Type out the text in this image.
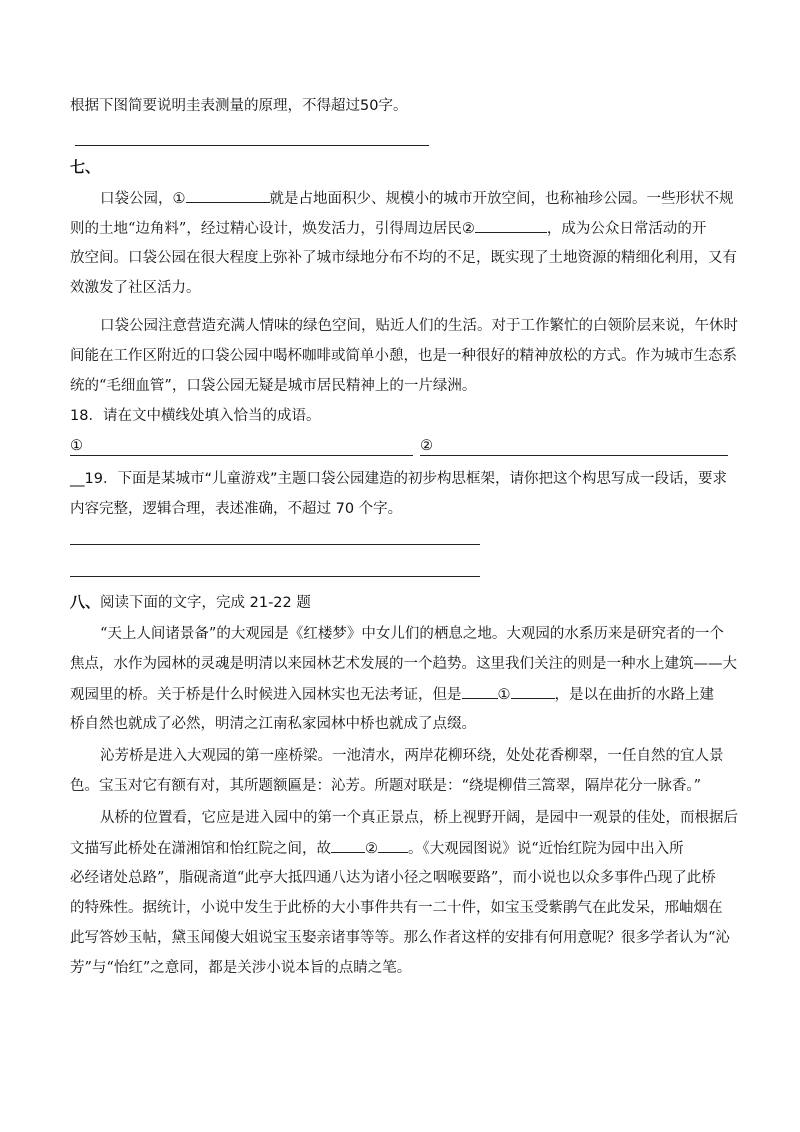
根据下图简要说明圭表测量的原理，不得超过50字。
七、
口袋公园，①	就是占地面积少、规模小的城市开放空间，也称袖珍公园。一些形状不规
则的土地“边角料”，经过精心设计，焕发活力，引得周边居民②	，成为公众日常活动的开
放空间。口袋公园在很大程度上弥补了城市绿地分布不均的不足，既实现了土地资源的精细化利用，又有
效激发了社区活力。
口袋公园注意营造充满人情味的绿色空间，贴近人们的生活。对于工作繁忙的白领阶层来说，午休时
间能在工作区附近的口袋公园中喝杯咖啡或简单小憩，也是一种很好的精神放松的方式。作为城市生态系
统的“毛细血管”，口袋公园无疑是城市居民精神上的一片绿洲。
18．请在文中横线处填入恰当的成语。
①	②
__19．下面是某城市“儿童游戏”主题口袋公园建造的初步构思框架，请你把这个构思写成一段话，要求
内容完整，逻辑合理，表述准确，不超过 70 个字。
八、阅读下面的文字，完成 21-22 题
“天上人间诸景备”的大观园是《红楼梦》中女儿们的栖息之地。大观园的水系历来是研究者的一个
焦点，水作为园林的灵魂是明清以来园林艺术发展的一个趋势。这里我们关注的则是一种水上建筑——大
观园里的桥。关于桥是什么时候进入园林实也无法考证，但是 ①	，是以在曲折的水路上建
桥自然也就成了必然，明清之江南私家园林中桥也就成了点缀。
沁芳桥是进入大观园的第一座桥梁。一池清水，两岸花柳环绕，处处花香柳翠，一任自然的宜人景
色。宝玉对它有额有对，其所题额匾是：沁芳。所题对联是：“绕堤柳借三篙翠，隔岸花分一脉香。”
从桥的位置看，它应是进入园中的第一个真正景点，桥上视野开阔，是园中一观景的佳处，而根据后
文描写此桥处在潇湘馆和怡红院之间，故 ② 。《大观园图说》说“近怡红院为园中出入所
必经诸处总路”，脂砚斋道“此亭大抵四通八达为诸小径之咽喉要路”，而小说也以众多事件凸现了此桥
的特殊性。据统计，小说中发生于此桥的大小事件共有一二十件，如宝玉受紫鹃气在此发呆，邢岫烟在
此写答妙玉帖，黛玉闻傻大姐说宝玉娶亲诸事等等。那么作者这样的安排有何用意呢？很多学者认为“沁
芳”与“怡红”之意同，都是关涉小说本旨的点睛之笔。
